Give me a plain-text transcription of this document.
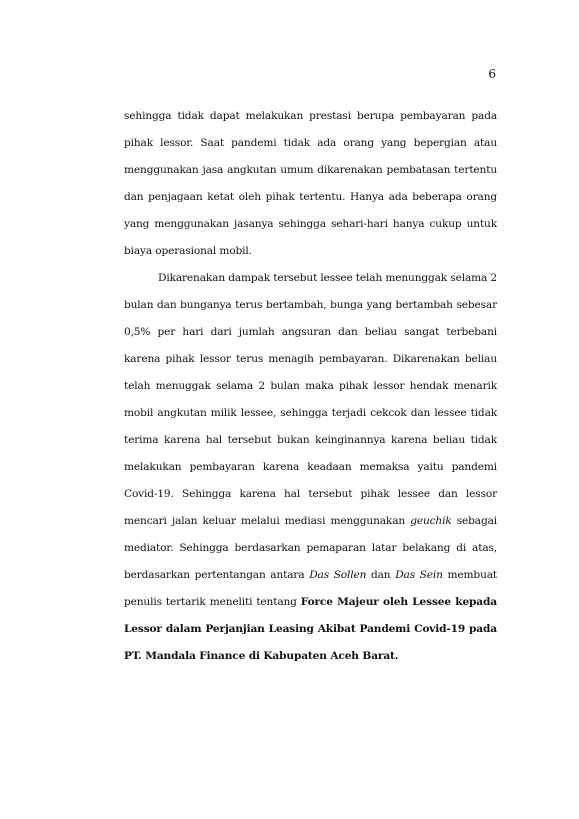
6

sehingga tidak dapat melakukan prestasi berupa pembayaran pada pihak lessor. Saat pandemi tidak ada orang yang bepergian atau menggunakan jasa angkutan umum dikarenakan pembatasan tertentu dan penjagaan ketat oleh pihak tertentu. Hanya ada beberapa orang yang menggunakan jasanya sehingga sehari-hari hanya cukup untuk biaya operasional mobil.

Dikarenakan dampak tersebut lessee telah menunggak selama 2 bulan dan bunganya terus bertambah, bunga yang bertambah sebesar 0,5% per hari dari jumlah angsuran dan beliau sangat terbebani karena pihak lessor terus menagih pembayaran. Dikarenakan beliau telah menuggak selama 2 bulan maka pihak lessor hendak menarik mobil angkutan milik lessee, sehingga terjadi cekcok dan lessee tidak terima karena hal tersebut bukan keinginannya karena beliau tidak melakukan pembayaran karena keadaan memaksa yaitu pandemi Covid-19. Sehingga karena hal tersebut pihak lessee dan lessor mencari jalan keluar melalui mediasi menggunakan geuchik sebagai mediator. Sehingga berdasarkan pemaparan latar belakang di atas, berdasarkan pertentangan antara Das Sollen dan Das Sein membuat penulis tertarik meneliti tentang Force Majeur oleh Lessee kepada Lessor dalam Perjanjian Leasing Akibat Pandemi Covid-19 pada PT. Mandala Finance di Kabupaten Aceh Barat.
